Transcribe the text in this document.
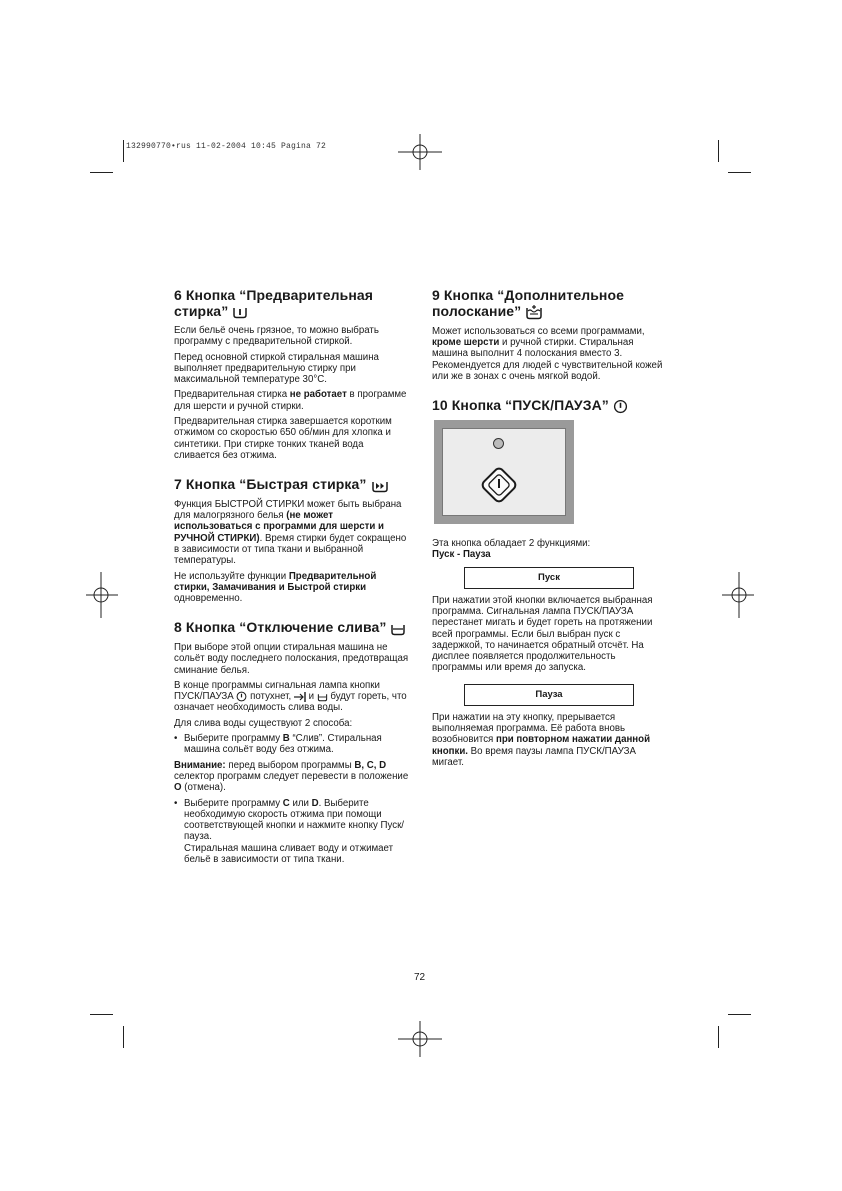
132990770•rus 11-02-2004 10:45 Pagina 72
6 Кнопка “Предварительная
стирка”

Если бельё очень грязное, то можно выбрать программу с предварительной стиркой.

Перед основной стиркой стиральная машина выполняет предварительную стирку при максимальной температуре 30°C.

Предварительная стирка не работает в программе для шерсти и ручной стирки.

Предварительная стирка завершается коротким отжимом со скоростью 650 об/мин для хлопка и синтетики. При стирке тонких тканей вода сливается без отжима.

7 Кнопка “Быстрая стирка”

Функция БЫСТРОЙ СТИРКИ может быть выбрана для малогрязного белья (не может использоваться с программи для шерсти и РУЧНОЙ СТИРКИ). Время стирки будет сокращено в зависимости от типа ткани и выбранной температуры.

Не используйте функции Предварительной стирки, Замачивания и Быстрой стирки одновременно.

8 Кнопка “Отключение слива”

При выборе этой опции стиральная машина не сольёт воду последнего полоскания, предотвращая сминание белья.

В конце программы сигнальная лампа кнопки ПУСК/ПАУЗА  потухнет,  и  будут гореть, что означает необходимость слива воды.

Для слива воды существуют 2 способа:

• Выберите программу B “Слив”. Стиральная машина сольёт воду без отжима.

Внимание: перед выбором программы B, C, D селектор программ следует перевести в положение O (отмена).

• Выберите программу C или D. Выберите необходимую скорость отжима при помощи соответствующей кнопки и нажмите кнопку Пуск/пауза.
Стиральная машина сливает воду и отжимает бельё в зависимости от типа ткани.
9 Кнопка “Дополнительное
полоскание”

Может использоваться со всеми программами, кроме шерсти и ручной стирки. Стиральная машина выполнит 4 полоскания вместо 3. Рекомендуется для людей с чувствительной кожей или же в зонах с очень мягкой водой.

10 Кнопка “ПУСК/ПАУЗА”

Эта кнопка обладает 2 функциями:
Пуск - Пауза

Пуск

При нажатии этой кнопки включается выбранная программа. Сигнальная лампа ПУСК/ПАУЗА перестанет мигать и будет гореть на протяжении всей программы. Если был выбран пуск с задержкой, то начинается обратный отсчёт. На дисплее появляется продолжительность программы или время до запуска.

Пауза

При нажатии на эту кнопку, прерывается выполняемая программа. Её работа вновь возобновится при повторном нажатии данной кнопки. Во время паузы лампа ПУСК/ПАУЗА мигает.

72
